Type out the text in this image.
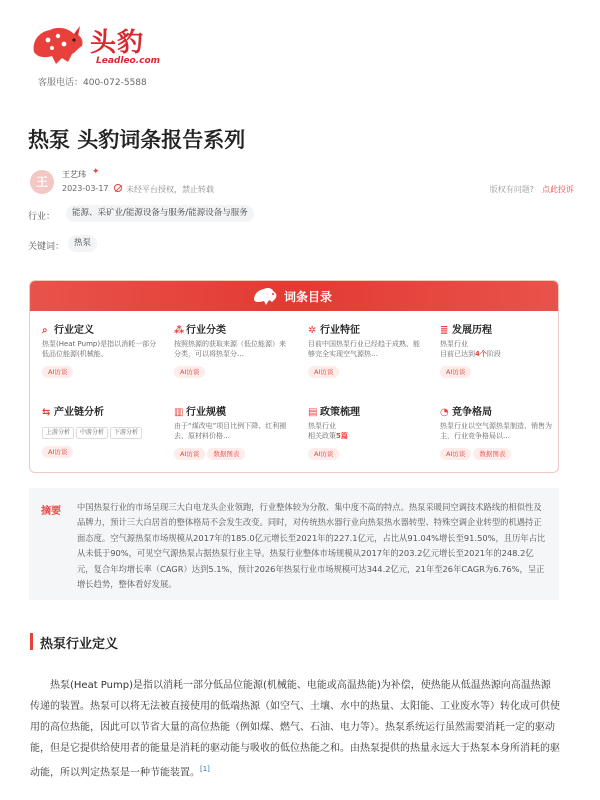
头豹
Leadleo.com
客服电话：400-072-5588
热泵 头豹词条报告系列
王
王艺玮 ✦
2023-03-17 未经平台授权，禁止转载	版权有问题? 点此投诉
行业：	能源、采矿业/能源设备与服务/能源设备与服务
关键词：	热泵
词条目录
⌕ 行业定义
热泵(Heat Pump)是指以消耗一部分低品位能源(机械能、
AI访谈
⁂ 行业分类
按照热源的获取来源（低位能源）来分类，可以将热泵分…
AI访谈
✲ 行业特征
目前中国热泵行业已经趋于成熟、能够完全实现空气源热…
AI访谈
≣ 发展历程
热泵行业
目前已达到4个阶段
AI访谈
⇆ 产业链分析
上游分析 中游分析 下游分析
AI访谈
▥ 行业规模
由于“煤改电”项目比例下降、红利褪去、原材料价格…
AI访谈 数据图表
▤ 政策梳理
热泵行业
相关政策5篇
AI访谈
◔ 竞争格局
热泵行业以空气源热泵制造、销售为主，行业竞争格局以…
AI访谈 数据图表
摘要 中国热泵行业的市场呈现三大白电龙头企业领跑，行业整体较为分散、集中度不高的特点。热泵采暖同空调技术路线的相似性及品牌力，预计三大白居首的整体格局不会发生改变。同时，对传统热水器行业向热泵热水器转型、特殊空调企业转型的机遇持正面态度。空气源热泵市场规模从2017年的185.0亿元增长至2021年的227.1亿元，占比从91.04%增长至91.50%，且历年占比从未低于90%，可见空气源热泵占据热泵行业主导。热泵行业整体市场规模从2017年的203.2亿元增长至2021年的248.2亿元，复合年均增长率（CAGR）达到5.1%，预计2026年热泵行业市场规模可达344.2亿元，21年至26年CAGR为6.76%，呈正增长趋势，整体看好发展。
热泵行业定义
热泵(Heat Pump)是指以消耗一部分低品位能源(机械能、电能或高温热能)为补偿，使热能从低温热源向高温热源传递的装置。热泵可以将无法被直接使用的低端热源（如空气、土壤、水中的热量、太阳能、工业废水等）转化成可供使用的高位热能，因此可以节省大量的高位热能（例如煤、燃气、石油、电力等）。热泵系统运行虽然需要消耗一定的驱动能，但是它提供给使用者的能量是消耗的驱动能与吸收的低位热能之和。由热泵提供的热量永远大于热泵本身所消耗的驱动能，所以判定热泵是一种节能装置。[1]
